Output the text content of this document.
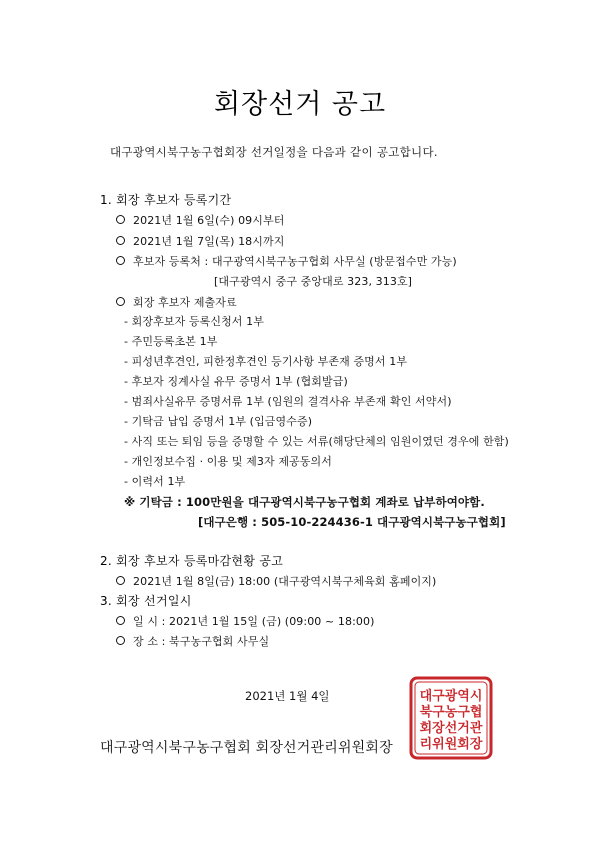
회장선거 공고
대구광역시북구농구협회장 선거일정을 다음과 같이 공고합니다.
1. 회장 후보자 등록기간
2021년 1월 6일(수) 09시부터
2021년 1월 7일(목) 18시까지
후보자 등록처 : 대구광역시북구농구협회 사무실 (방문접수만 가능)
[대구광역시 중구 중앙대로 323, 313호]
회장 후보자 제출자료
- 회장후보자 등록신청서 1부
- 주민등록초본 1부
- 피성년후견인, 피한정후견인 등기사항 부존재 증명서 1부
- 후보자 징계사실 유무 증명서 1부 (협회발급)
- 범죄사실유무 증명서류 1부 (임원의 결격사유 부존재 확인 서약서)
- 기탁금 납입 증명서 1부 (입금영수증)
- 사직 또는 퇴임 등을 증명할 수 있는 서류(해당단체의 임원이였던 경우에 한함)
- 개인정보수집 · 이용 및 제3자 제공동의서
- 이력서 1부
※ 기탁금 : 100만원을 대구광역시북구농구협회 계좌로 납부하여야함.
[대구은행 : 505-10-224436-1 대구광역시북구농구협회]
2. 회장 후보자 등록마감현황 공고
2021년 1월 8일(금) 18:00 (대구광역시북구체육회 홈페이지)
3. 회장 선거일시
일 시 : 2021년 1월 15일 (금) (09:00 ~ 18:00)
장 소 : 북구농구협회 사무실
2021년 1월 4일
대구광역시북구농구협회 회장선거관리위원회장
대구광역시
북구농구협
회장선거관
리위원회장
